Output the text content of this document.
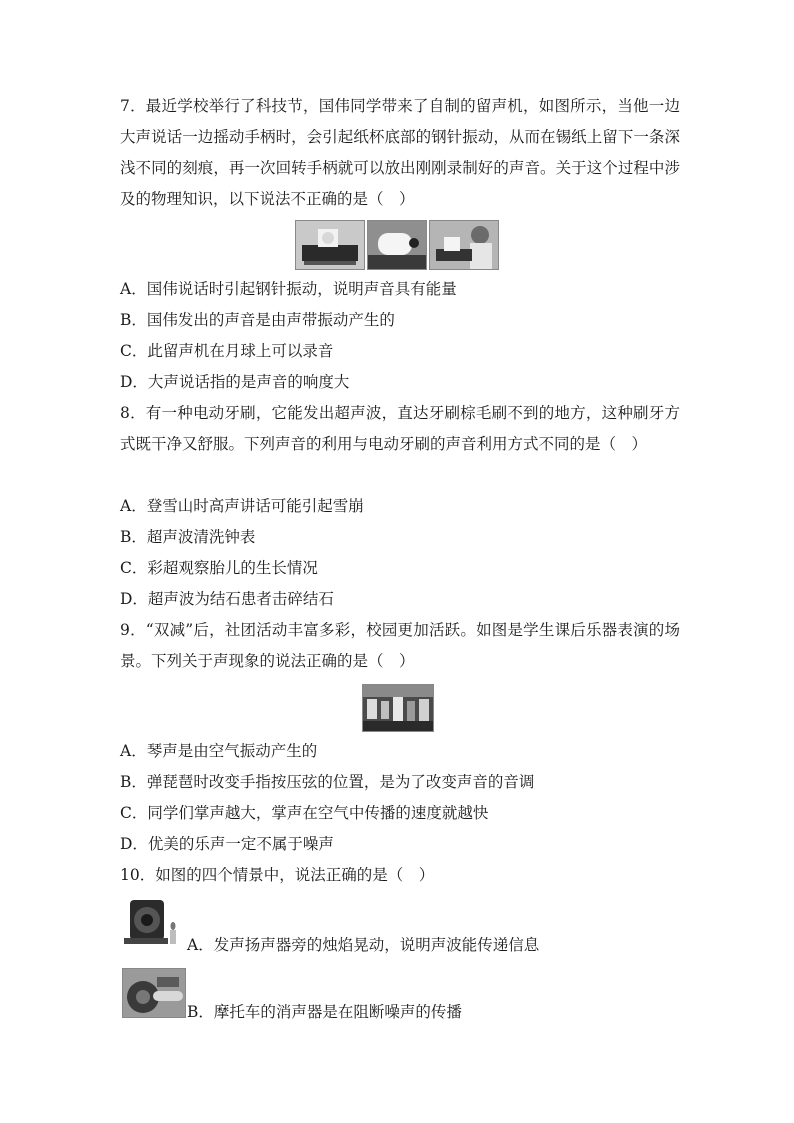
7．最近学校举行了科技节，国伟同学带来了自制的留声机，如图所示，当他一边大声说话一边摇动手柄时，会引起纸杯底部的钢针振动，从而在锡纸上留下一条深浅不同的刻痕，再一次回转手柄就可以放出刚刚录制好的声音。关于这个过程中涉及的物理知识，以下说法不正确的是（　）

A．国伟说话时引起钢针振动，说明声音具有能量
B．国伟发出的声音是由声带振动产生的
C．此留声机在月球上可以录音
D．大声说话指的是声音的响度大

8．有一种电动牙刷，它能发出超声波，直达牙刷棕毛刷不到的地方，这种刷牙方式既干净又舒服。下列声音的利用与电动牙刷的声音利用方式不同的是（　）

A．登雪山时高声讲话可能引起雪崩
B．超声波清洗钟表
C．彩超观察胎儿的生长情况
D．超声波为结石患者击碎结石

9．“双减”后，社团活动丰富多彩，校园更加活跃。如图是学生课后乐器表演的场景。下列关于声现象的说法正确的是（　）

A．琴声是由空气振动产生的
B．弹琵琶时改变手指按压弦的位置，是为了改变声音的音调
C．同学们掌声越大，掌声在空气中传播的速度就越快
D．优美的乐声一定不属于噪声
10．如图的四个情景中，说法正确的是（　）
A．发声扬声器旁的烛焰晃动，说明声波能传递信息
B．摩托车的消声器是在阻断噪声的传播
